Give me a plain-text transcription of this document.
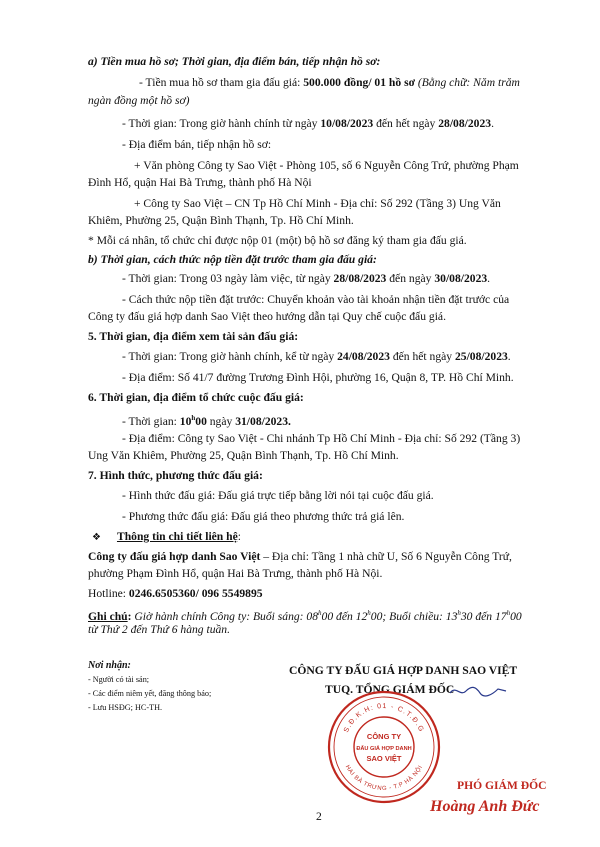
a) Tiền mua hồ sơ; Thời gian, địa điểm bán, tiếp nhận hồ sơ:
- Tiền mua hồ sơ tham gia đấu giá: 500.000 đồng/ 01 hồ sơ (Bằng chữ: Năm trăm
ngàn đồng một hồ sơ)
- Thời gian: Trong giờ hành chính từ ngày 10/08/2023 đến hết ngày 28/08/2023.
- Địa điểm bán, tiếp nhận hồ sơ:
+ Văn phòng Công ty Sao Việt - Phòng 105, số 6 Nguyễn Công Trứ, phường Phạm
Đình Hổ, quận Hai Bà Trưng, thành phố Hà Nội
+ Công ty Sao Việt – CN Tp Hồ Chí Minh - Địa chỉ: Số 292 (Tầng 3) Ung Văn
Khiêm, Phường 25, Quận Bình Thạnh, Tp. Hồ Chí Minh.
* Mỗi cá nhân, tổ chức chỉ được nộp 01 (một) bộ hồ sơ đăng ký tham gia đấu giá.
b) Thời gian, cách thức nộp tiền đặt trước tham gia đấu giá:
- Thời gian: Trong 03 ngày làm việc, từ ngày 28/08/2023 đến ngày 30/08/2023.
- Cách thức nộp tiền đặt trước: Chuyển khoản vào tài khoản nhận tiền đặt trước của
Công ty đấu giá hợp danh Sao Việt theo hướng dẫn tại Quy chế cuộc đấu giá.
5. Thời gian, địa điểm xem tài sản đấu giá:
- Thời gian: Trong giờ hành chính, kể từ ngày 24/08/2023 đến hết ngày 25/08/2023.
- Địa điểm: Số 41/7 đường Trương Đình Hội, phường 16, Quận 8, TP. Hồ Chí Minh.
6. Thời gian, địa điểm tổ chức cuộc đấu giá:
- Thời gian: 10$^h$00 ngày 31/08/2023.
- Địa điểm: Công ty Sao Việt - Chi nhánh Tp Hồ Chí Minh - Địa chỉ: Số 292 (Tầng 3)
Ung Văn Khiêm, Phường 25, Quận Bình Thạnh, Tp. Hồ Chí Minh.
7. Hình thức, phương thức đấu giá:
- Hình thức đấu giá: Đấu giá trực tiếp bằng lời nói tại cuộc đấu giá.
- Phương thức đấu giá: Đấu giá theo phương thức trả giá lên.
❖ Thông tin chi tiết liên hệ:
Công ty đấu giá hợp danh Sao Việt – Địa chỉ: Tầng 1 nhà chữ U, Số 6 Nguyễn Công Trứ,
phường Phạm Đình Hổ, quận Hai Bà Trưng, thành phố Hà Nội.
Hotline: 0246.6505360/ 096 5549895
Ghi chú: Giờ hành chính Công ty: Buổi sáng: 08$^h$00 đến 12$^h$00; Buổi chiều: 13$^h$30 đến 17$^h$00
từ Thứ 2 đến Thứ 6 hàng tuần.
Nơi nhận:
- Người có tài sản;
- Các điểm niêm yết, đăng thông báo;
- Lưu HSĐG; HC-TH.
CÔNG TY ĐẤU GIÁ HỢP DANH SAO VIỆT
TUQ. TỔNG GIÁM ĐỐC
S.Đ.K.H: 01 - C.T.Đ.G
HAI BÀ TRƯNG - T.P HÀ NỘI
CÔNG TY
ĐẤU GIÁ HỢP DANH
SAO VIỆT
PHÓ GIÁM ĐỐC
Hoàng Anh Đức
2
